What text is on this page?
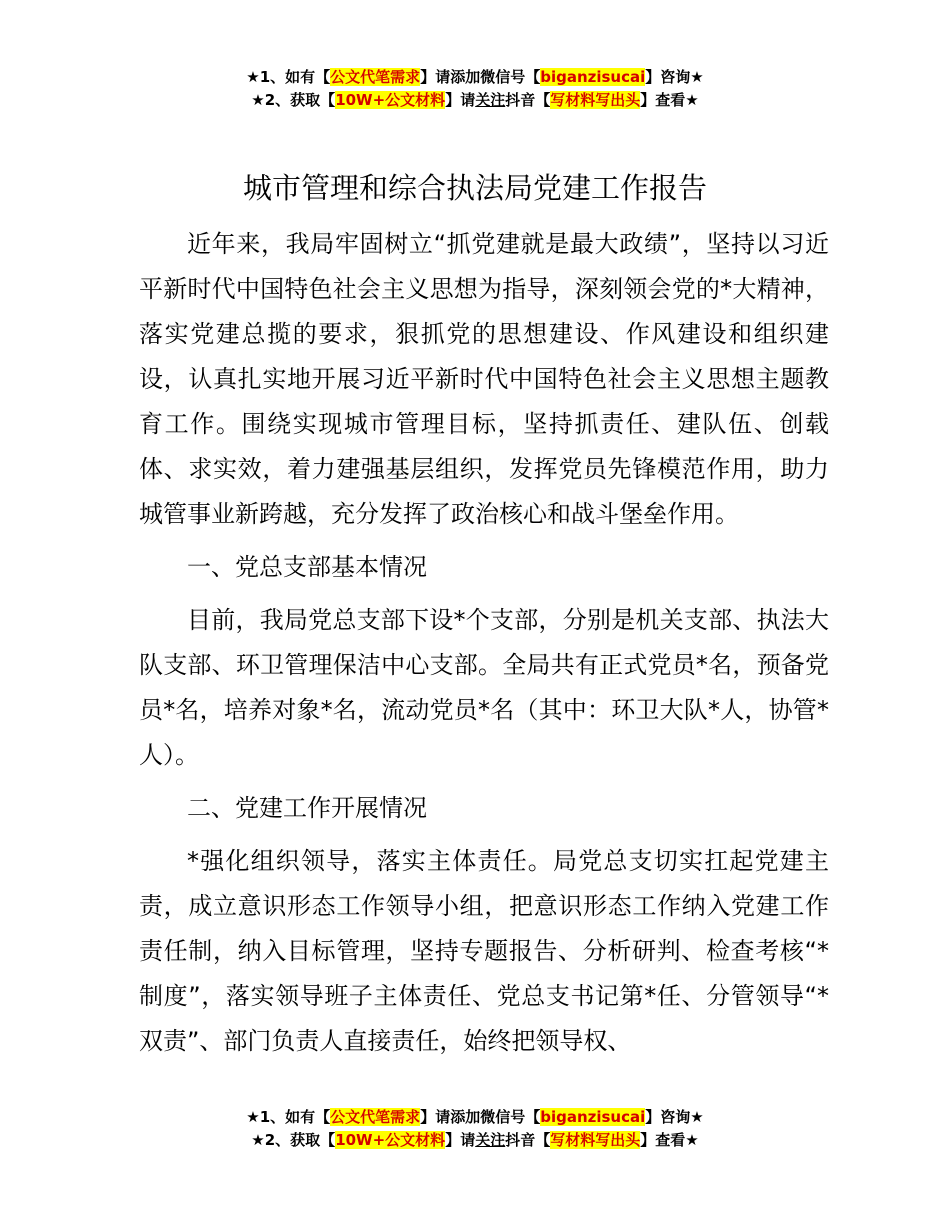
★1、如有【公文代笔需求】请添加微信号【biganzisucai】咨询★
★2、获取【10W+公文材料】请关注抖音【写材料写出头】查看★
城市管理和综合执法局党建工作报告

近年来，我局牢固树立“抓党建就是最大政绩”，坚持以习近平新时代中国特色社会主义思想为指导，深刻领会党的*大精神，落实党建总揽的要求，狠抓党的思想建设、作风建设和组织建设，认真扎实地开展习近平新时代中国特色社会主义思想主题教育工作。围绕实现城市管理目标，坚持抓责任、建队伍、创载体、求实效，着力建强基层组织，发挥党员先锋模范作用，助力城管事业新跨越，充分发挥了政治核心和战斗堡垒作用。

一、党总支部基本情况

目前，我局党总支部下设*个支部，分别是机关支部、执法大队支部、环卫管理保洁中心支部。全局共有正式党员*名，预备党员*名，培养对象*名，流动党员*名（其中：环卫大队*人，协管*人）。

二、党建工作开展情况

*强化组织领导，落实主体责任。局党总支切实扛起党建主责，成立意识形态工作领导小组，把意识形态工作纳入党建工作责任制，纳入目标管理，坚持专题报告、分析研判、检查考核“*制度”，落实领导班子主体责任、党总支书记第*任、分管领导“*双责”、部门负责人直接责任，始终把领导权、

★1、如有【公文代笔需求】请添加微信号【biganzisucai】咨询★
★2、获取【10W+公文材料】请关注抖音【写材料写出头】查看★
